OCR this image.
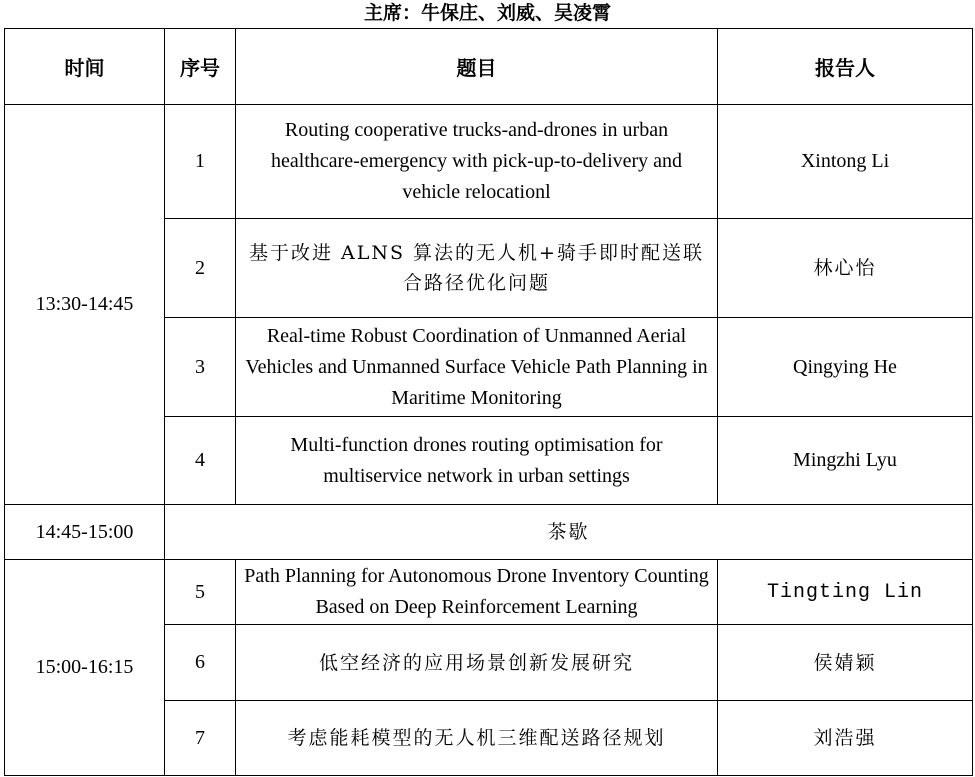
主席：牛保庄、刘威、吴凌霄
时间	序号	题目	报告人
13:30-14:45	1	Routing cooperative trucks-and-drones in urban healthcare-emergency with pick-up-to-delivery and vehicle relocationl	Xintong Li
	2	基于改进 ALNS 算法的无人机+骑手即时配送联合路径优化问题	林心怡
	3	Real-time Robust Coordination of Unmanned Aerial Vehicles and Unmanned Surface Vehicle Path Planning in Maritime Monitoring	Qingying He
	4	Multi-function drones routing optimisation for multiservice network in urban settings	Mingzhi Lyu
14:45-15:00	茶歇		
15:00-16:15	5	Path Planning for Autonomous Drone Inventory Counting Based on Deep Reinforcement Learning	Tingting Lin
	6	低空经济的应用场景创新发展研究	侯婧颖
	7	考虑能耗模型的无人机三维配送路径规划	刘浩强
